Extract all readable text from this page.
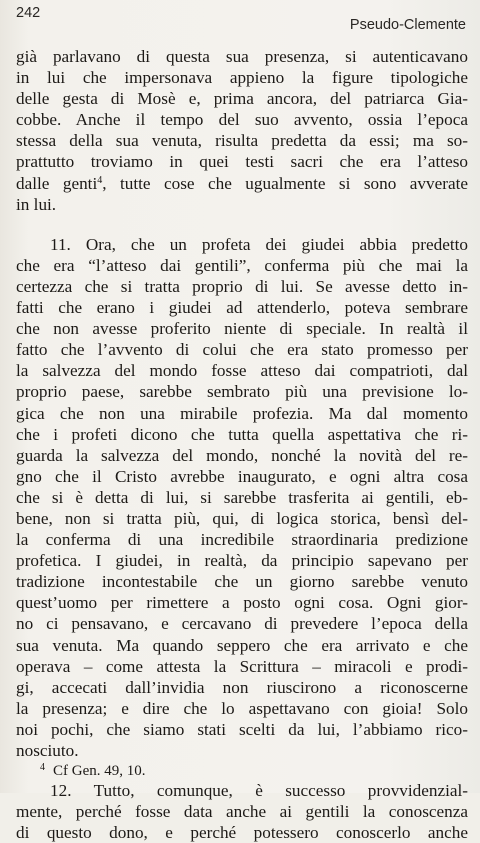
242
Pseudo-Clemente
già parlavano di questa sua presenza, si autenticavano
in lui che impersonava appieno la figure tipologiche
delle gesta di Mosè e, prima ancora, del patriarca Gia-
cobbe. Anche il tempo del suo avvento, ossia l’epoca
stessa della sua venuta, risulta predetta da essi; ma so-
prattutto troviamo in quei testi sacri che era l’atteso
dalle genti$^4$, tutte cose che ugualmente si sono avverate
in lui.
11. Ora, che un profeta dei giudei abbia predetto
che era “l’atteso dai gentili”, conferma più che mai la
certezza che si tratta proprio di lui. Se avesse detto in-
fatti che erano i giudei ad attenderlo, poteva sembrare
che non avesse proferito niente di speciale. In realtà il
fatto che l’avvento di colui che era stato promesso per
la salvezza del mondo fosse atteso dai compatrioti, dal
proprio paese, sarebbe sembrato più una previsione lo-
gica che non una mirabile profezia. Ma dal momento
che i profeti dicono che tutta quella aspettativa che ri-
guarda la salvezza del mondo, nonché la novità del re-
gno che il Cristo avrebbe inaugurato, e ogni altra cosa
che si è detta di lui, si sarebbe trasferita ai gentili, eb-
bene, non si tratta più, qui, di logica storica, bensì del-
la conferma di una incredibile straordinaria predizione
profetica. I giudei, in realtà, da principio sapevano per
tradizione incontestabile che un giorno sarebbe venuto
quest’uomo per rimettere a posto ogni cosa. Ogni gior-
no ci pensavano, e cercavano di prevedere l’epoca della
sua venuta. Ma quando seppero che era arrivato e che
operava – come attesta la Scrittura – miracoli e prodi-
gi, accecati dall’invidia non riuscirono a riconoscerne
la presenza; e dire che lo aspettavano con gioia! Solo
noi pochi, che siamo stati scelti da lui, l’abbiamo rico-
nosciuto.
12. Tutto, comunque, è successo provvidenzial-
mente, perché fosse data anche ai gentili la conoscenza
di questo dono, e perché potessero conoscerlo anche
$^4$ Cf Gen. 49, 10.
